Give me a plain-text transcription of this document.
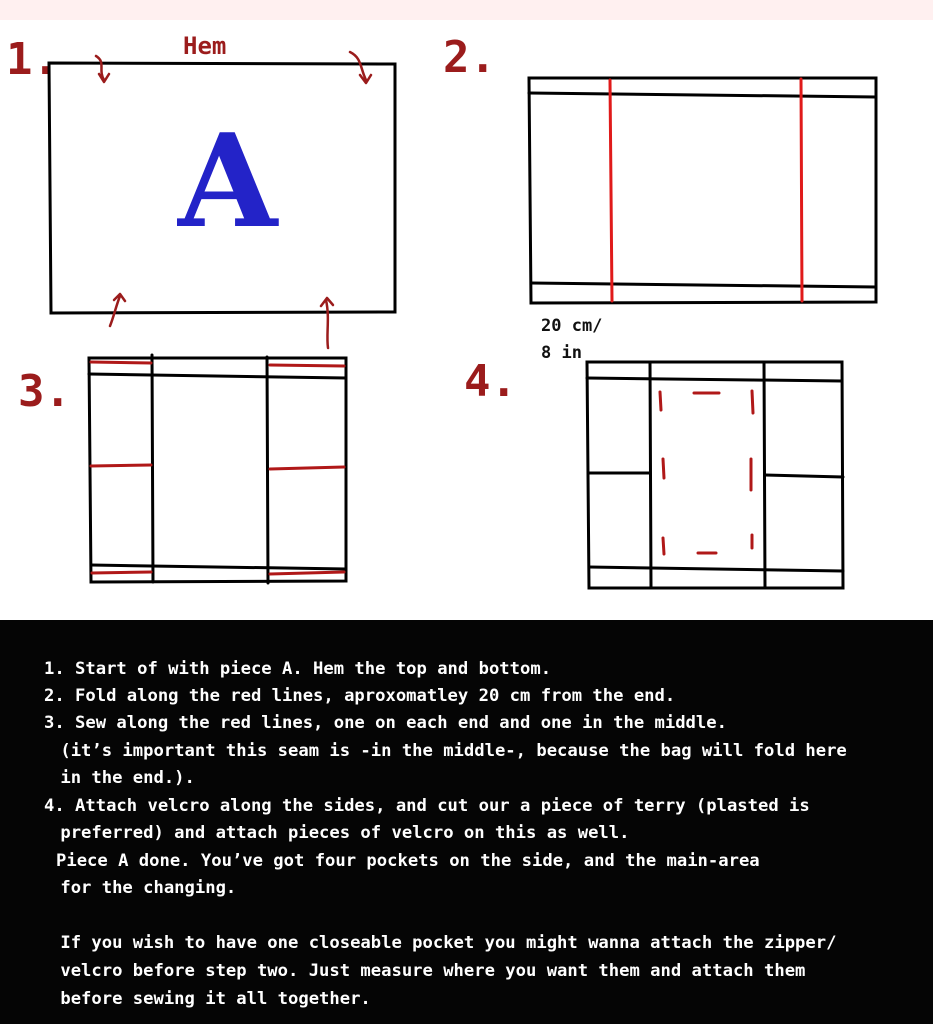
1.	2.
3.	4.
Hem
A
20 cm/
8 in
1. Start of with piece A. Hem the top and bottom.
2. Fold along the red lines, aproxomatley 20 cm from the end.
3. Sew along the red lines, one on each end and one in the middle.
(it’s important this seam is -in the middle-, because the bag will fold here
in the end.).
4. Attach velcro along the sides, and cut our a piece of terry (plasted is
preferred) and attach pieces of velcro on this as well.
Piece A done. You’ve got four pockets on the side, and the main-area
for the changing.
If you wish to have one closeable pocket you might wanna attach the zipper/
velcro before step two. Just measure where you want them and attach them
before sewing it all together.
